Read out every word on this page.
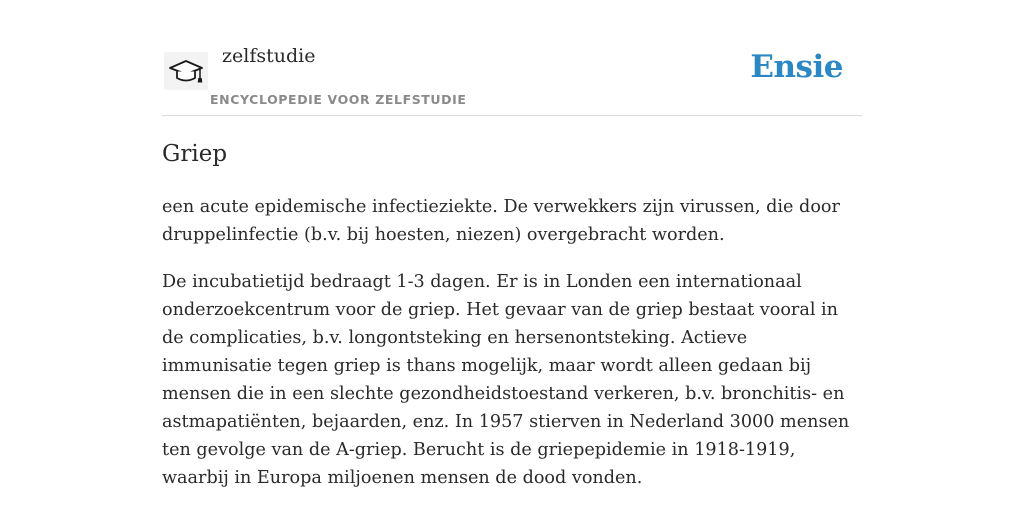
zelfstudie
ENCYCLOPEDIE VOOR ZELFSTUDIE
Ensie
Griep

een acute epidemische infectieziekte. De verwekkers zijn virussen, die door druppelinfectie (b.v. bij hoesten, niezen) overgebracht worden.

De incubatietijd bedraagt 1-3 dagen. Er is in Londen een internationaal onderzoekcentrum voor de griep. Het gevaar van de griep bestaat vooral in de complicaties, b.v. longontsteking en hersenontsteking. Actieve immunisatie tegen griep is thans mogelijk, maar wordt alleen gedaan bij mensen die in een slechte gezondheidstoestand verkeren, b.v. bronchitis- en astmapatiënten, bejaarden, enz. In 1957 stierven in Nederland 3000 mensen ten gevolge van de A-griep. Berucht is de griepepidemie in 1918-1919, waarbij in Europa miljoenen mensen de dood vonden.
